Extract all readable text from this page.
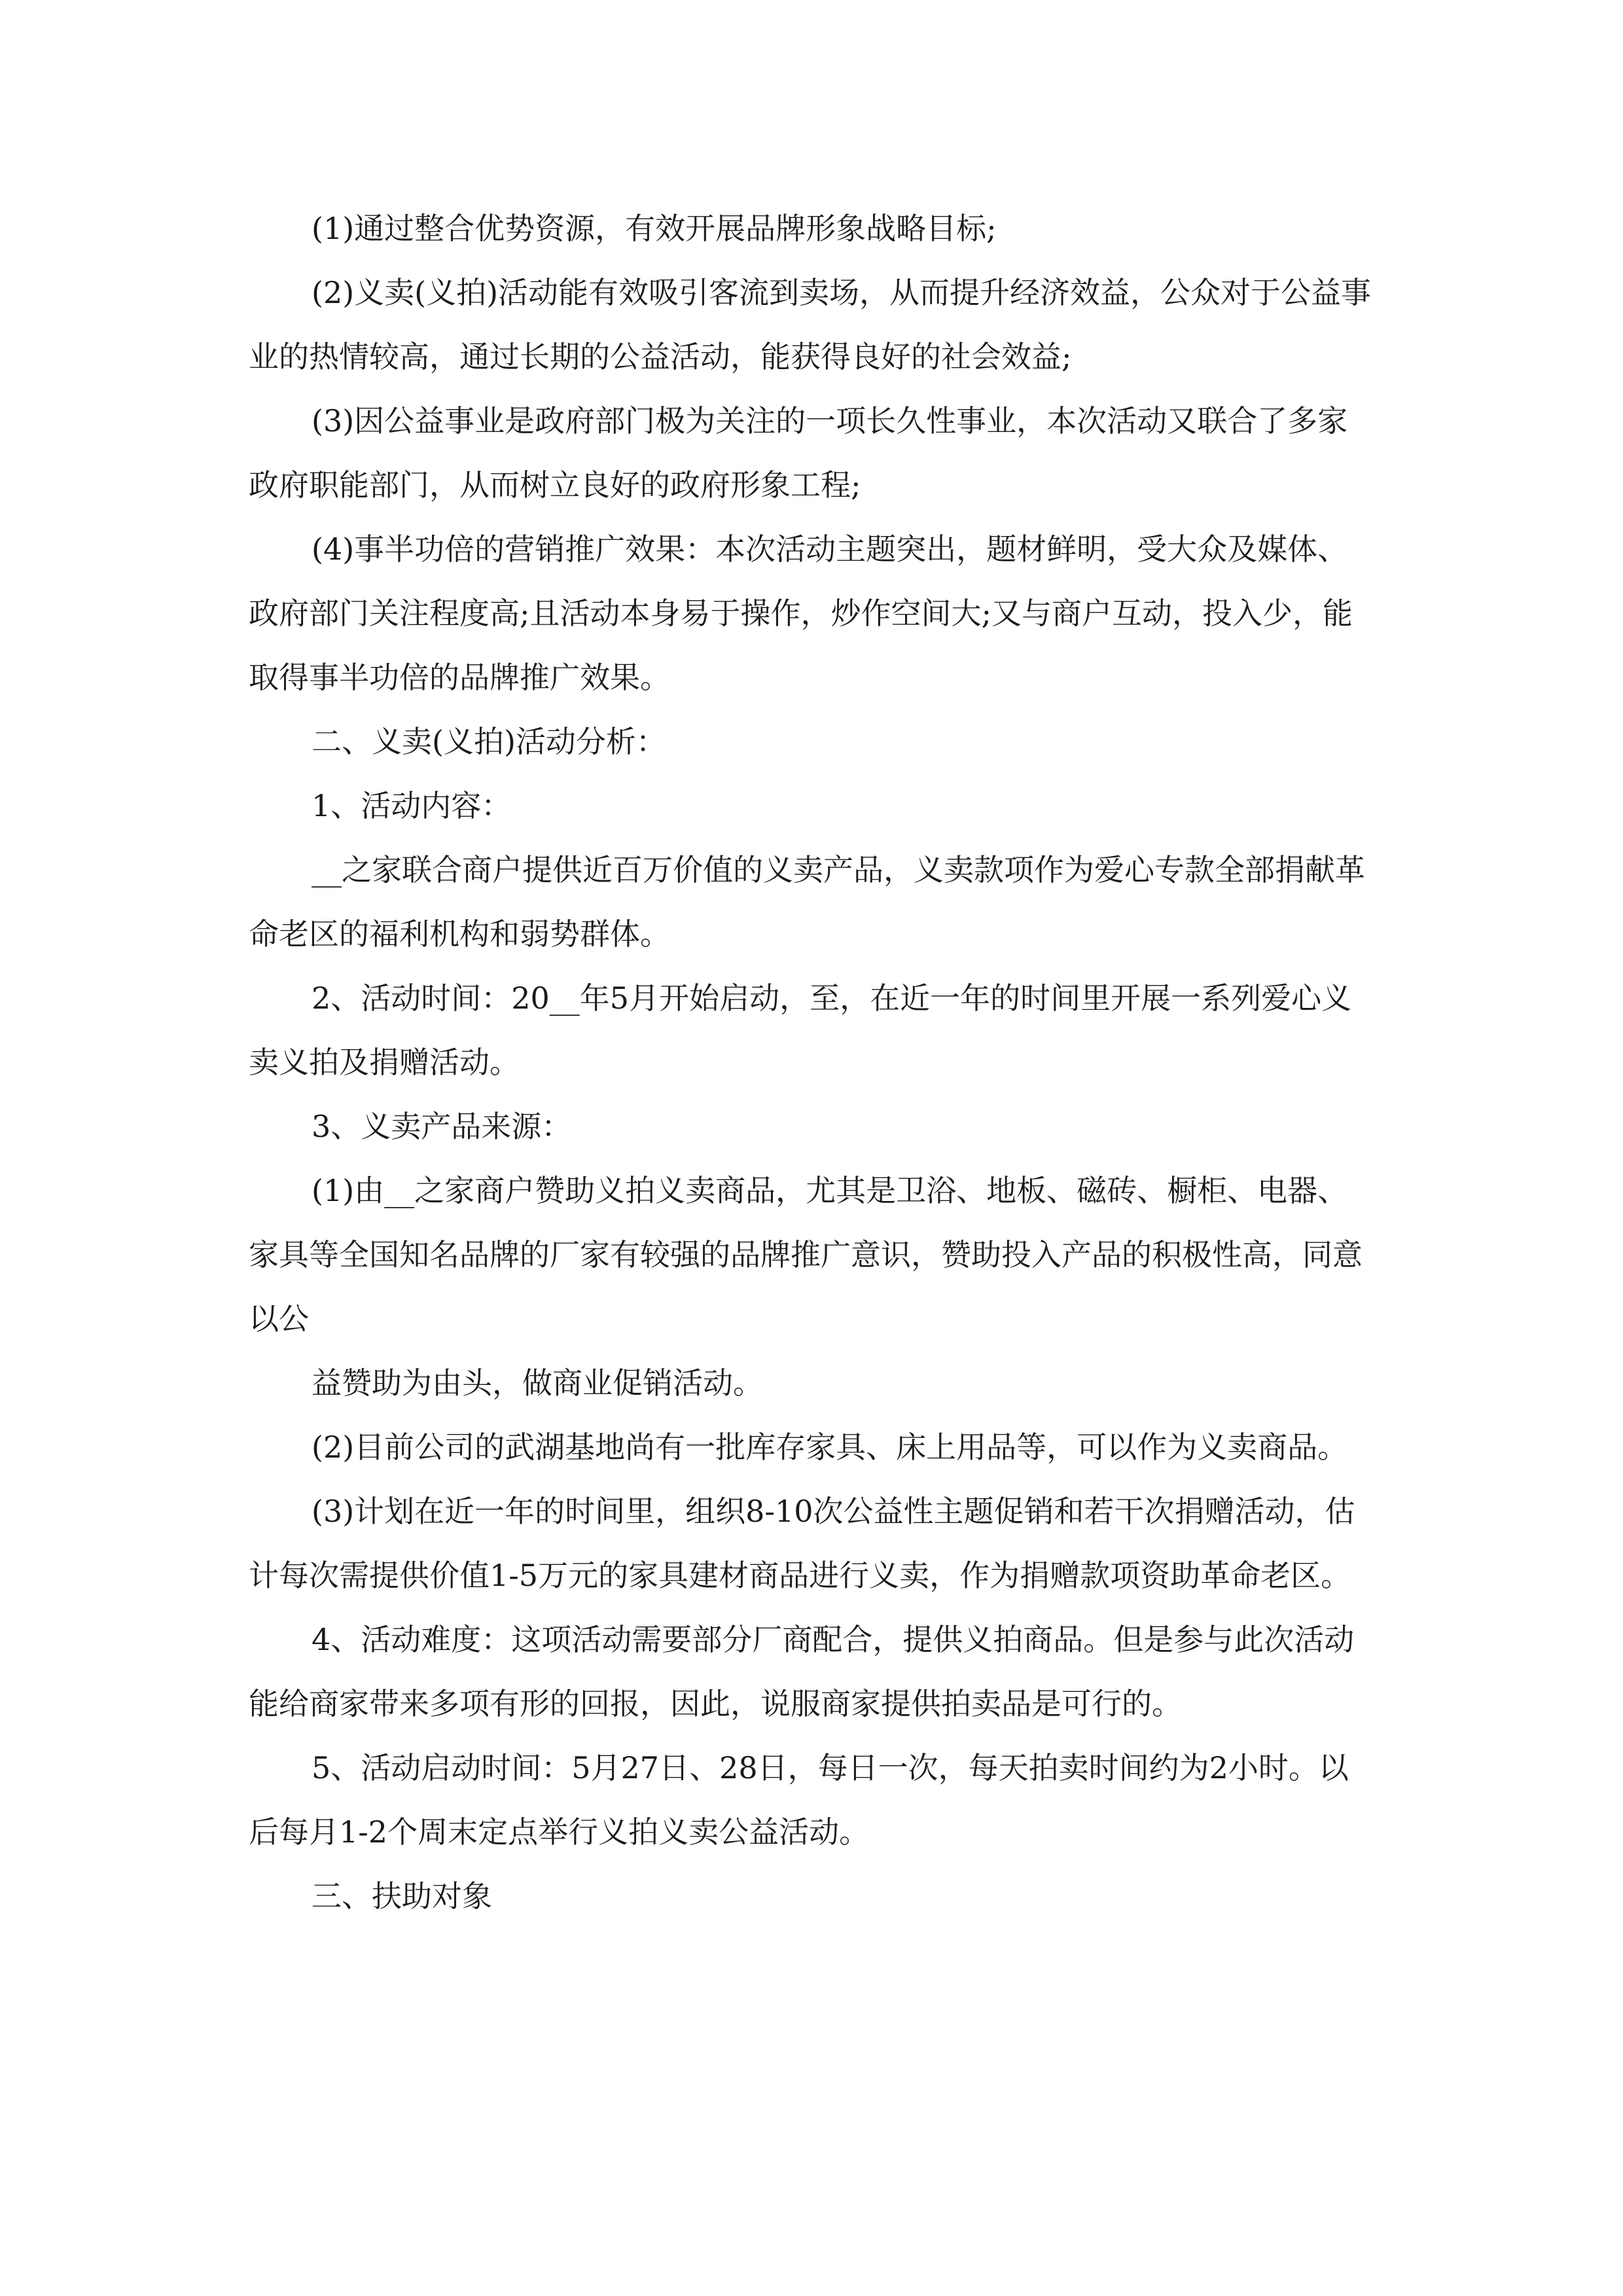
(1)通过整合优势资源，有效开展品牌形象战略目标;

(2)义卖(义拍)活动能有效吸引客流到卖场，从而提升经济效益，公众对于公益事业的热情较高，通过长期的公益活动，能获得良好的社会效益;

(3)因公益事业是政府部门极为关注的一项长久性事业，本次活动又联合了多家政府职能部门，从而树立良好的政府形象工程;

(4)事半功倍的营销推广效果：本次活动主题突出，题材鲜明，受大众及媒体、政府部门关注程度高;且活动本身易于操作，炒作空间大;又与商户互动，投入少，能取得事半功倍的品牌推广效果。

二、义卖(义拍)活动分析：

1、活动内容：

__之家联合商户提供近百万价值的义卖产品，义卖款项作为爱心专款全部捐献革命老区的福利机构和弱势群体。

2、活动时间：20__年5月开始启动，至，在近一年的时间里开展一系列爱心义卖义拍及捐赠活动。

3、义卖产品来源：

(1)由__之家商户赞助义拍义卖商品，尤其是卫浴、地板、磁砖、橱柜、电器、家具等全国知名品牌的厂家有较强的品牌推广意识，赞助投入产品的积极性高，同意以公

益赞助为由头，做商业促销活动。

(2)目前公司的武湖基地尚有一批库存家具、床上用品等，可以作为义卖商品。

(3)计划在近一年的时间里，组织8-10次公益性主题促销和若干次捐赠活动，估计每次需提供价值1-5万元的家具建材商品进行义卖，作为捐赠款项资助革命老区。

4、活动难度：这项活动需要部分厂商配合，提供义拍商品。但是参与此次活动能给商家带来多项有形的回报，因此，说服商家提供拍卖品是可行的。

5、活动启动时间：5月27日、28日，每日一次，每天拍卖时间约为2小时。以后每月1-2个周末定点举行义拍义卖公益活动。

三、扶助对象
